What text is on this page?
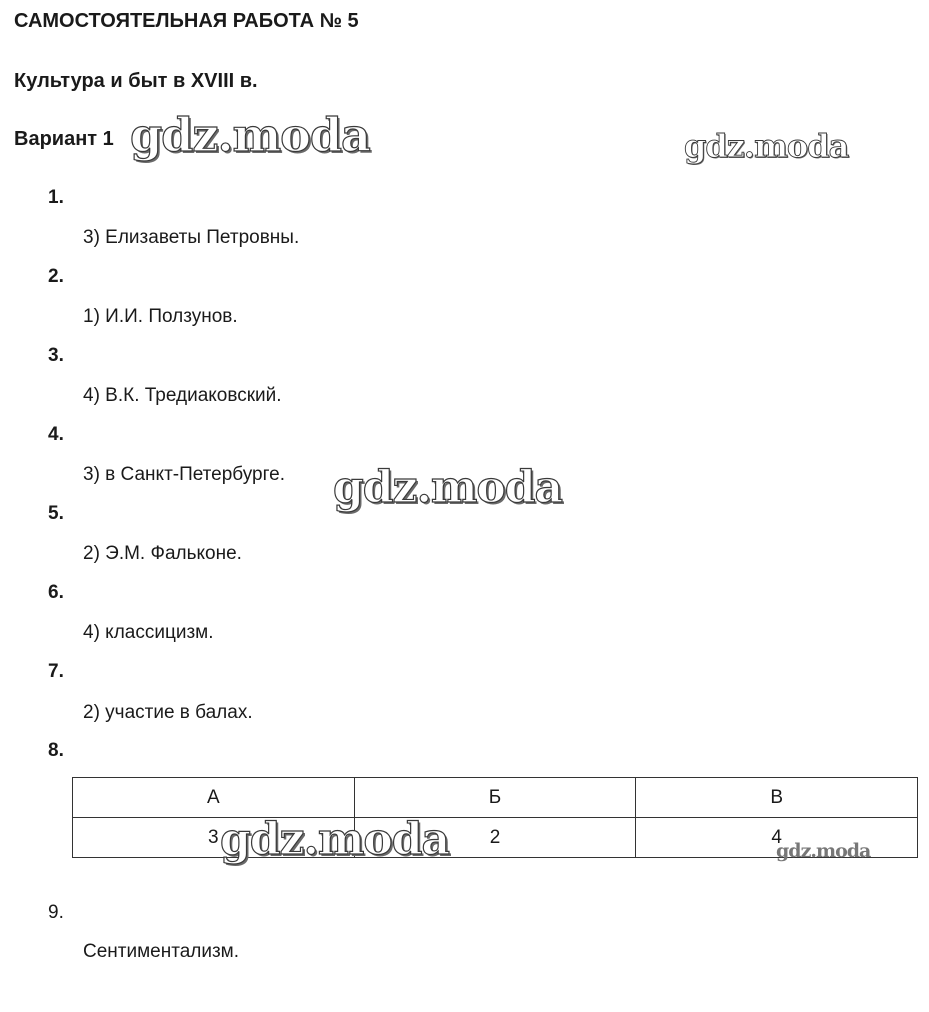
САМОСТОЯТЕЛЬНАЯ РАБОТА № 5
Культура и быт в XVIII в.
Вариант 1
1.
3) Елизаветы Петровны.
2.
1) И.И. Ползунов.
3.
4) В.К. Тредиаковский.
4.
3) в Санкт-Петербурге.
5.
2) Э.М. Фальконе.
6.
4) классицизм.
7.
2) участие в балах.
8.
А	Б	В
3	2	4
9.
Сентиментализм.
gdz.moda	gdz.moda
gdz.moda
gdz.moda	gdz.moda
